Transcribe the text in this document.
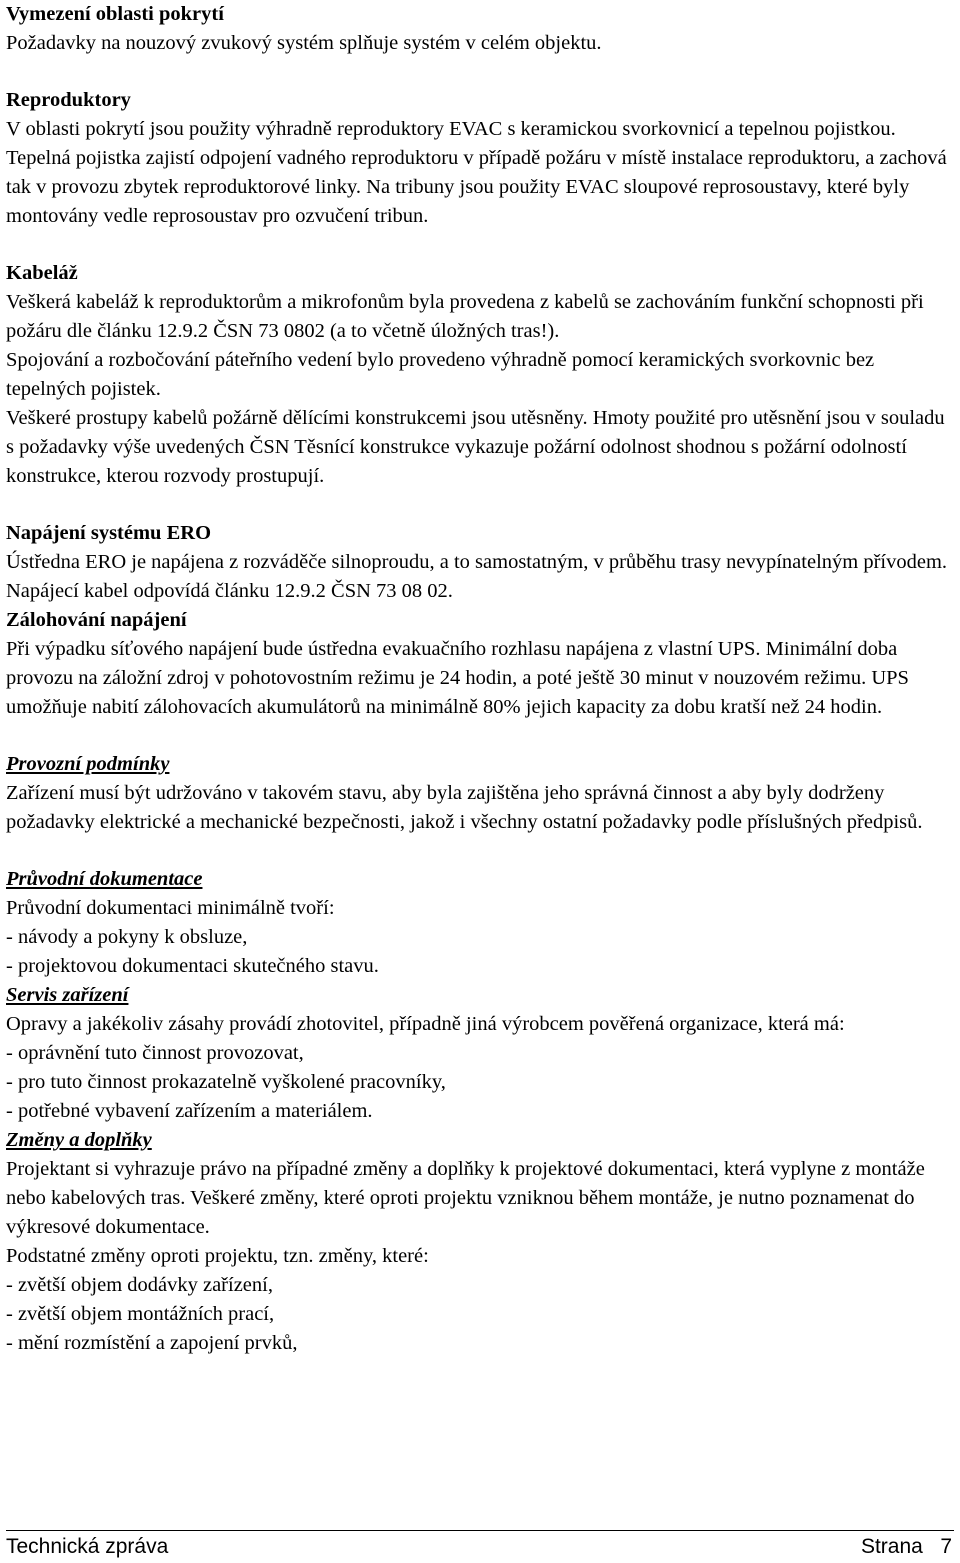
Vymezení oblasti pokrytí
Požadavky na nouzový zvukový systém splňuje systém v celém objektu.
Reproduktory
V oblasti pokrytí jsou použity výhradně reproduktory EVAC s keramickou svorkovnicí a tepelnou pojistkou. Tepelná pojistka zajistí odpojení vadného reproduktoru v případě požáru v místě instalace reproduktoru, a zachová tak v provozu zbytek reproduktorové linky. Na tribuny jsou použity EVAC sloupové reprosoustavy, které byly montovány vedle reprosoustav pro ozvučení tribun.
Kabeláž
Veškerá kabeláž k reproduktorům a mikrofonům byla provedena z kabelů se zachováním funkční schopnosti při požáru dle článku 12.9.2 ČSN 73 0802 (a to včetně úložných tras!).
Spojování a rozbočování páteřního vedení bylo provedeno výhradně pomocí keramických svorkovnic bez tepelných pojistek.
Veškeré prostupy kabelů požárně dělícími konstrukcemi jsou utěsněny. Hmoty použité pro utěsnění jsou v souladu s požadavky výše uvedených ČSN Těsnící konstrukce vykazuje požární odolnost shodnou s požární odolností konstrukce, kterou rozvody prostupují.
Napájení systému ERO
Ústředna ERO je napájena z rozváděče silnoproudu, a to samostatným, v průběhu trasy nevypínatelným přívodem. Napájecí kabel odpovídá článku 12.9.2 ČSN 73 08 02.
Zálohování napájení
Při výpadku síťového napájení bude ústředna evakuačního rozhlasu napájena z vlastní UPS. Minimální doba provozu na záložní zdroj v pohotovostním režimu je 24 hodin, a poté ještě 30 minut v nouzovém režimu. UPS umožňuje nabití zálohovacích akumulátorů na minimálně 80% jejich kapacity za dobu kratší než 24 hodin.
Provozní podmínky
Zařízení musí být udržováno v takovém stavu, aby byla zajištěna jeho správná činnost a aby byly dodrženy požadavky elektrické a mechanické bezpečnosti, jakož i všechny ostatní požadavky podle příslušných předpisů.
Průvodní dokumentace
Průvodní dokumentaci minimálně tvoří:
- návody a pokyny k obsluze,
- projektovou dokumentaci skutečného stavu.
Servis zařízení
Opravy a jakékoliv zásahy provádí zhotovitel, případně jiná výrobcem pověřená organizace, která má:
- oprávnění tuto činnost provozovat,
- pro tuto činnost prokazatelně vyškolené pracovníky,
- potřebné vybavení zařízením a materiálem.
Změny a doplňky
Projektant si vyhrazuje právo na případné změny a doplňky k projektové dokumentaci, která vyplyne z montáže nebo kabelových tras. Veškeré změny, které oproti projektu vzniknou během montáže, je nutno poznamenat do výkresové dokumentace.
Podstatné změny oproti projektu, tzn. změny, které:
- zvětší objem dodávky zařízení,
- zvětší objem montážních prací,
- mění rozmístění a zapojení prvků,
Technická zpráva	Strana   7
